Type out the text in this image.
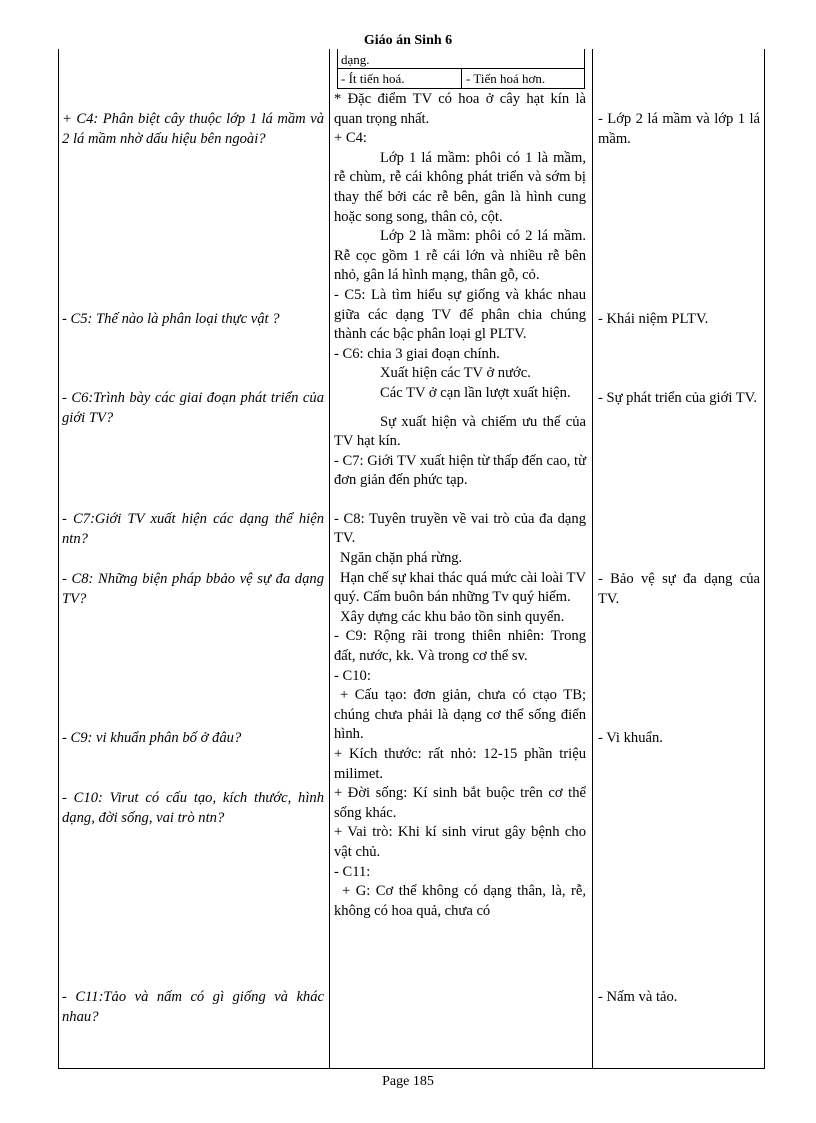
Giáo án Sinh 6
dạng.
- Ít tiến hoá.	- Tiến hoá hơn.
+ C4: Phân biệt cây thuộc lớp 1 lá mầm và 2 lá mầm nhờ dấu hiệu bên ngoài?
- C5: Thế nào là phân loại thực vật ?
- C6:Trình bày các giai đoạn phát triển của giới TV?
- C7:Giới TV xuất hiện các dạng thể hiện ntn?
- C8: Những biện pháp bbảo vệ sự đa dạng TV?
- C9: vi khuẩn phân bố ở đâu?
- C10: Virut có cấu tạo, kích thước, hình dạng, đời sống, vai trò ntn?
- C11:Tảo và nấm có gì giống và khác nhau?

* Đặc điểm TV có hoa ở cây hạt kín là quan trọng nhất.

+ C4:

Lớp 1 lá mầm: phôi có 1 là mầm, rễ chùm, rễ cái không phát triển và sớm bị thay thế bởi các rễ bên, gân là hình cung hoặc song song, thân cỏ, cột.

Lớp 2 là mầm: phôi có 2 lá mầm. Rễ cọc gồm 1 rễ cái lớn và nhiều rễ bên nhỏ, gân lá hình mạng, thân gỗ, cỏ.

- C5: Là tìm hiểu sự giống và khác nhau giữa các dạng TV để phân chia chúng thành các bậc phân loại gl PLTV.

- C6: chia 3 giai đoạn chính.

Xuất hiện các TV ở nước.

Các TV ở cạn lần lượt xuất hiện.

Sự xuất hiện và chiếm ưu thế của TV hạt kín.

- C7: Giới TV xuất hiện từ thấp đến cao, từ đơn giản đến phức tạp.

- C8: Tuyên truyền về vai trò của đa dạng TV.

Ngăn chặn phá rừng.

Hạn chế sự khai thác quá mức cài loài TV quý. Cấm buôn bán những Tv quý hiếm.

Xây dựng các khu bảo tồn sinh quyển.

- C9: Rộng rãi trong thiên nhiên: Trong đất, nước, kk. Và trong cơ thể sv.

- C10:

+ Cấu tạo: đơn giản, chưa có ctạo TB; chúng chưa phải là dạng cơ thể sống điển hình.

+ Kích thước: rất nhỏ: 12-15 phần triệu milimet.

+ Đời sống: Kí sinh bắt buộc trên cơ thể sống khác.

+ Vai trò: Khi kí sinh virut gây bệnh cho vật chủ.

- C11:

+ G: Cơ thể không có dạng thân, là, rễ, không có hoa quả, chưa có

- Lớp 2 lá mầm và lớp 1 lá mầm.
- Khái niệm PLTV.
- Sự phát triển của giới TV.
- Bảo vệ sự đa dạng của TV.
- Vi khuẩn.
- Nấm và tảo.
Page 185
